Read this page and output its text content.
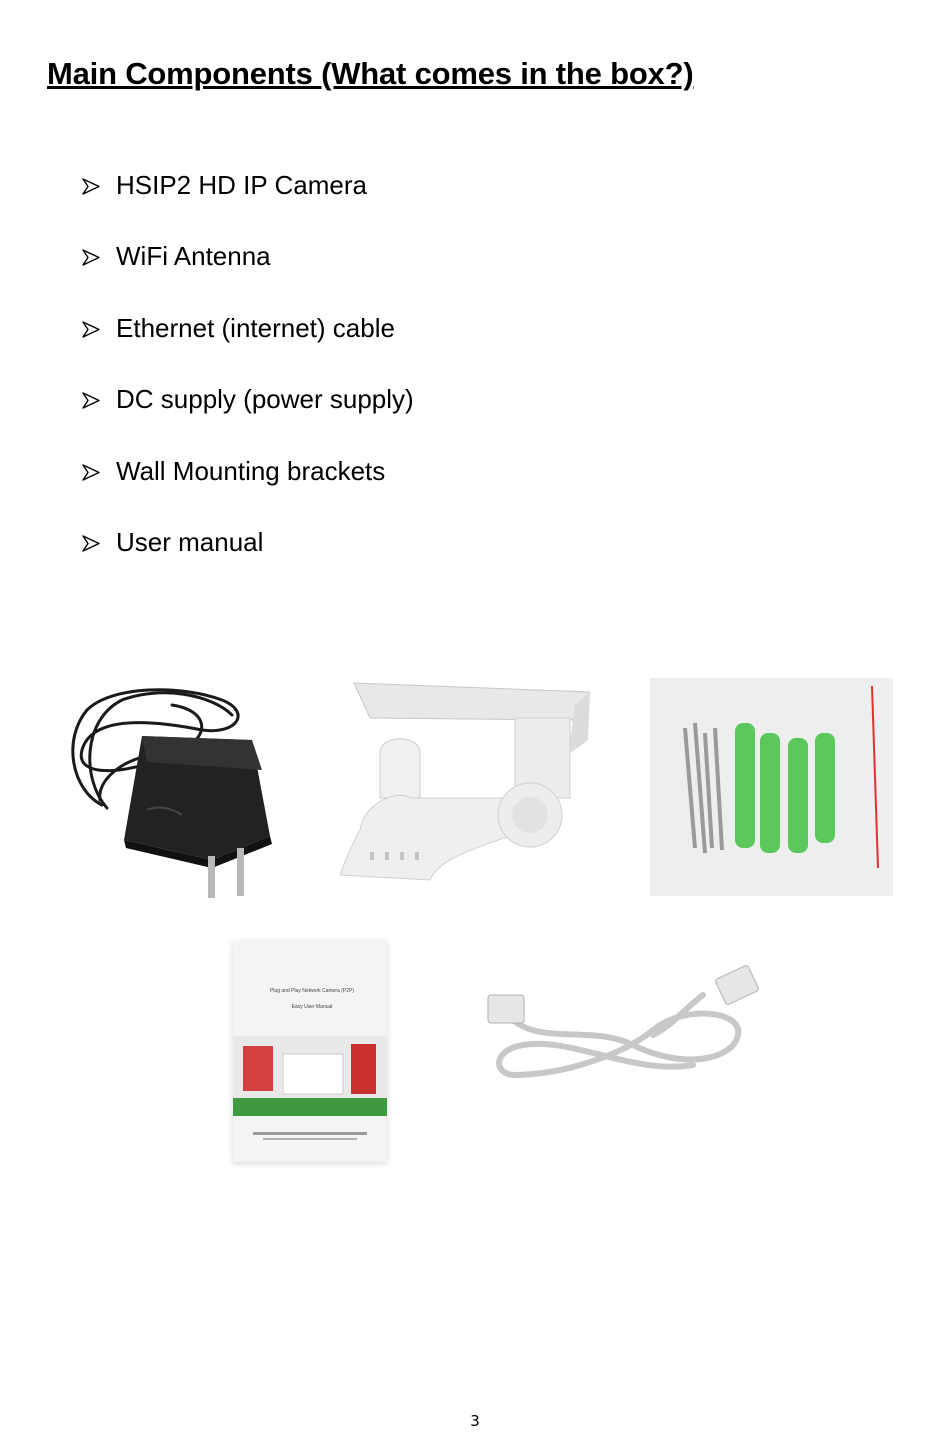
Main Components (What comes in the box?)
HSIP2 HD IP Camera
WiFi Antenna
Ethernet (internet) cable
DC supply (power supply)
Wall Mounting brackets
User manual
Plug and Play Network Camera (P2P)
Easy User Manual
3
